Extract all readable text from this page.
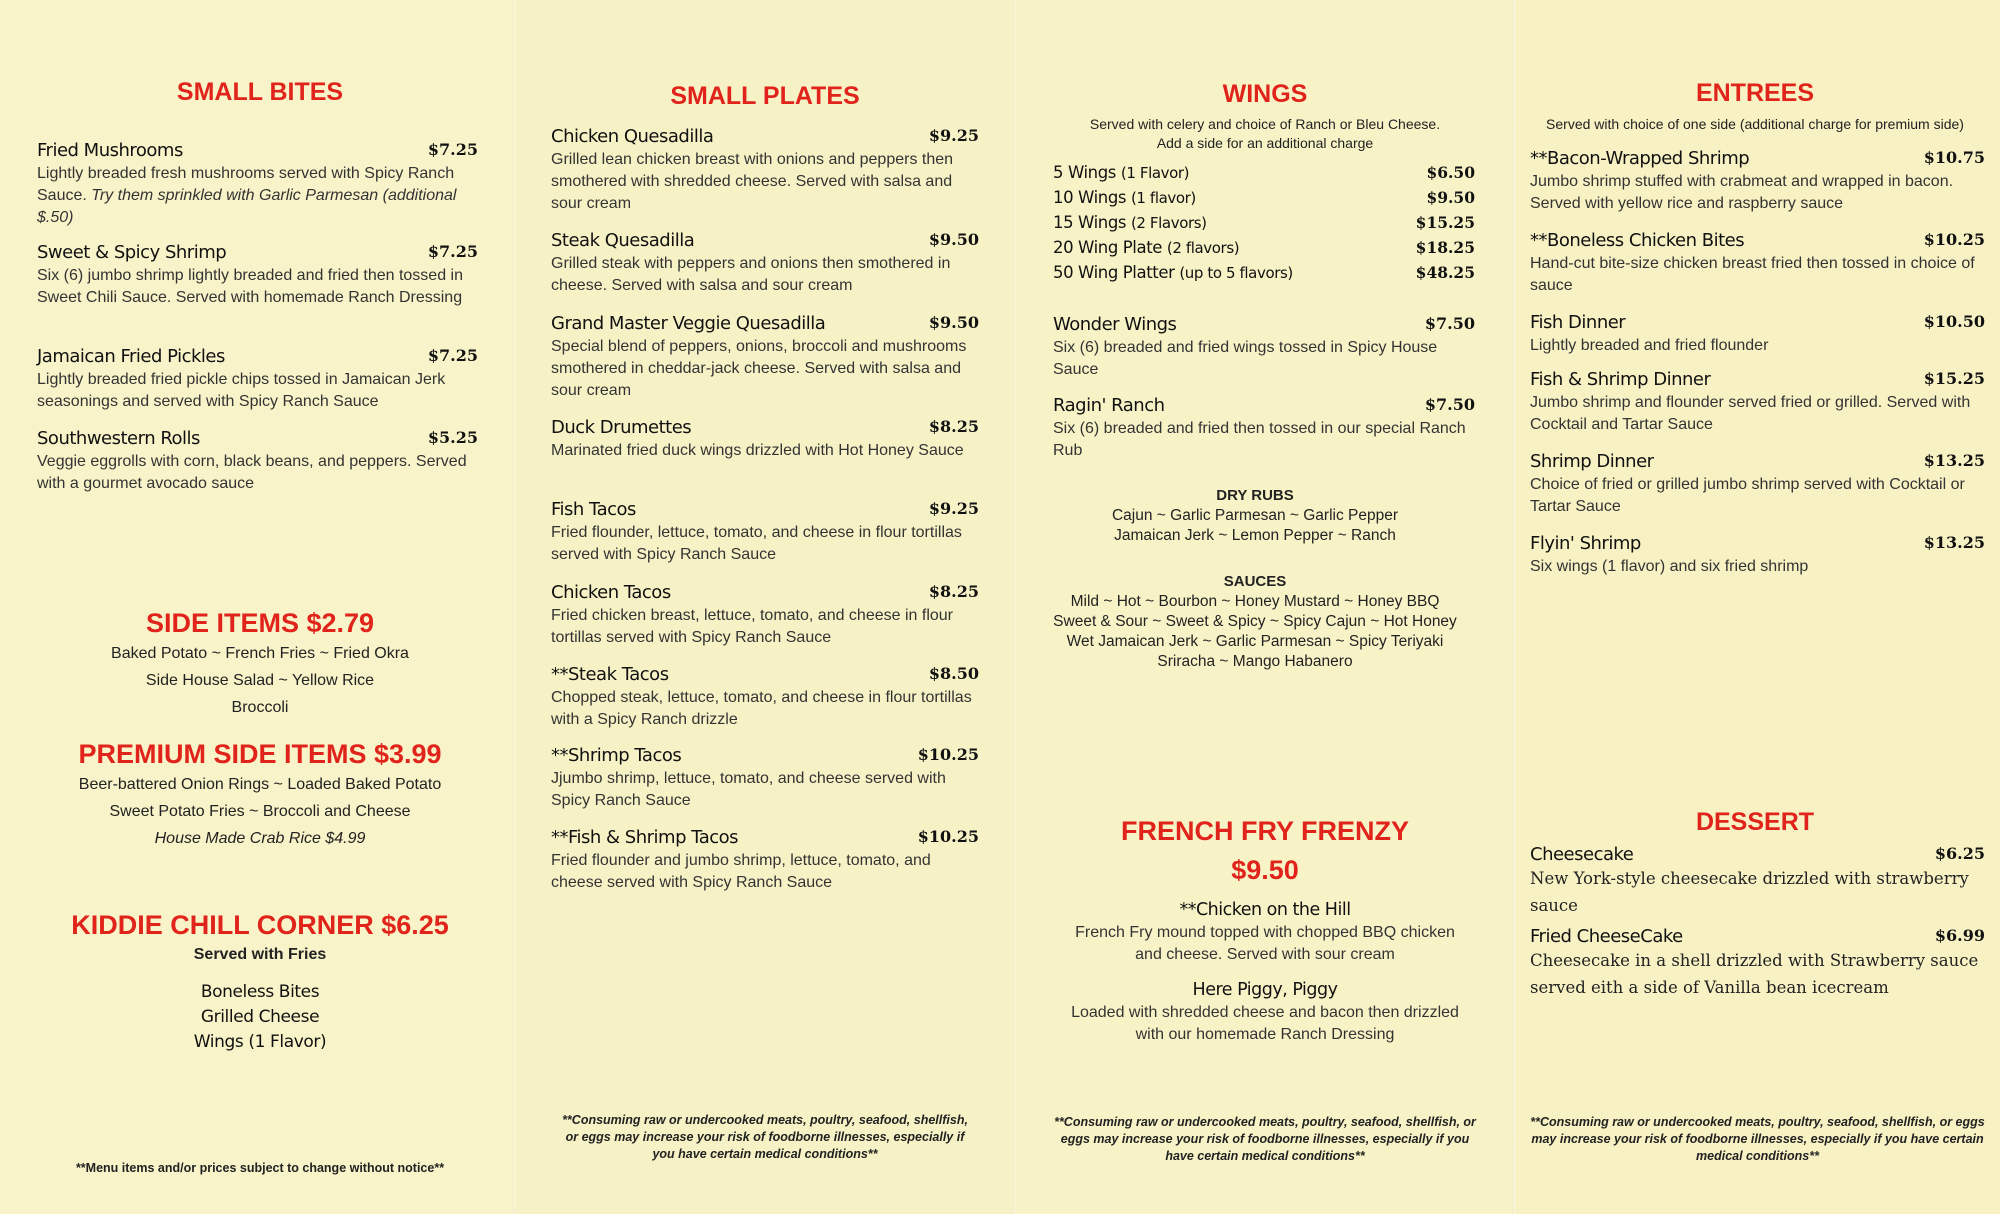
SMALL BITES
Fried Mushrooms	$7.25
Lightly breaded fresh mushrooms served with Spicy Ranch Sauce. Try them sprinkled with Garlic Parmesan (additional $.50)
Sweet & Spicy Shrimp	$7.25
Six (6) jumbo shrimp lightly breaded and fried then tossed in Sweet Chili Sauce. Served with homemade Ranch Dressing
Jamaican Fried Pickles	$7.25
Lightly breaded fried pickle chips tossed in Jamaican Jerk seasonings and served with Spicy Ranch Sauce
Southwestern Rolls	$5.25
Veggie eggrolls with corn, black beans, and peppers. Served with a gourmet avocado sauce
SIDE ITEMS $2.79
Baked Potato ~ French Fries ~ Fried Okra
Side House Salad ~ Yellow Rice
Broccoli
PREMIUM SIDE ITEMS $3.99
Beer-battered Onion Rings ~ Loaded Baked Potato
Sweet Potato Fries ~ Broccoli and Cheese
House Made Crab Rice $4.99
KIDDIE CHILL CORNER $6.25
Served with Fries
Boneless Bites
Grilled Cheese
Wings (1 Flavor)
**Menu items and/or prices subject to change without notice**
SMALL PLATES
Chicken Quesadilla	$9.25
Grilled lean chicken breast with onions and peppers then smothered with shredded cheese. Served with salsa and sour cream
Steak Quesadilla	$9.50
Grilled steak with peppers and onions then smothered in cheese. Served with salsa and sour cream
Grand Master Veggie Quesadilla	$9.50
Special blend of peppers, onions, broccoli and mushrooms smothered in cheddar-jack cheese. Served with salsa and sour cream
Duck Drumettes	$8.25
Marinated fried duck wings drizzled with Hot Honey Sauce
Fish Tacos	$9.25
Fried flounder, lettuce, tomato, and cheese in flour tortillas served with Spicy Ranch Sauce
Chicken Tacos	$8.25
Fried chicken breast, lettuce, tomato, and cheese in flour tortillas served with Spicy Ranch Sauce
**Steak Tacos	$8.50
Chopped steak, lettuce, tomato, and cheese in flour tortillas with a Spicy Ranch drizzle
**Shrimp Tacos	$10.25
Jjumbo shrimp, lettuce, tomato, and cheese served with Spicy Ranch Sauce
**Fish & Shrimp Tacos	$10.25
Fried flounder and jumbo shrimp, lettuce, tomato, and cheese served with Spicy Ranch Sauce
**Consuming raw or undercooked meats, poultry, seafood, shellfish, or eggs may increase your risk of foodborne illnesses, especially if you have certain medical conditions**
WINGS
Served with celery and choice of Ranch or Bleu Cheese.
Add a side for an additional charge
5 Wings (1 Flavor)	$6.50
10 Wings (1 flavor)	$9.50
15 Wings (2 Flavors)	$15.25
20 Wing Plate (2 flavors)	$18.25
50 Wing Platter (up to 5 flavors)	$48.25
Wonder Wings	$7.50
Six (6) breaded and fried wings tossed in Spicy House Sauce
Ragin' Ranch	$7.50
Six (6) breaded and fried then tossed in our special Ranch Rub
DRY RUBS
Cajun ~ Garlic Parmesan ~ Garlic Pepper
Jamaican Jerk ~ Lemon Pepper ~ Ranch
SAUCES
Mild ~ Hot ~ Bourbon ~ Honey Mustard ~ Honey BBQ
Sweet & Sour ~ Sweet & Spicy ~ Spicy Cajun ~ Hot Honey
Wet Jamaican Jerk ~ Garlic Parmesan ~ Spicy Teriyaki
Sriracha ~ Mango Habanero
FRENCH FRY FRENZY
$9.50
**Chicken on the Hill
French Fry mound topped with chopped BBQ chicken and cheese. Served with sour cream
Here Piggy, Piggy
Loaded with shredded cheese and bacon then drizzled with our homemade Ranch Dressing
**Consuming raw or undercooked meats, poultry, seafood, shellfish, or eggs may increase your risk of foodborne illnesses, especially if you have certain medical conditions**
ENTREES
Served with choice of one side (additional charge for premium side)
**Bacon-Wrapped Shrimp	$10.75
Jumbo shrimp stuffed with crabmeat and wrapped in bacon. Served with yellow rice and raspberry sauce
**Boneless Chicken Bites	$10.25
Hand-cut bite-size chicken breast fried then tossed in choice of sauce
Fish Dinner	$10.50
Lightly breaded and fried flounder
Fish & Shrimp Dinner	$15.25
Jumbo shrimp and flounder served fried or grilled. Served with Cocktail and Tartar Sauce
Shrimp Dinner	$13.25
Choice of fried or grilled jumbo shrimp served with Cocktail or Tartar Sauce
Flyin' Shrimp	$13.25
Six wings (1 flavor) and six fried shrimp
DESSERT
Cheesecake	$6.25
New York-style cheesecake drizzled with strawberry sauce
Fried CheeseCake	$6.99
Cheesecake in a shell drizzled with Strawberry sauce served eith a side of Vanilla bean icecream
**Consuming raw or undercooked meats, poultry, seafood, shellfish, or eggs may increase your risk of foodborne illnesses, especially if you have certain medical conditions**
